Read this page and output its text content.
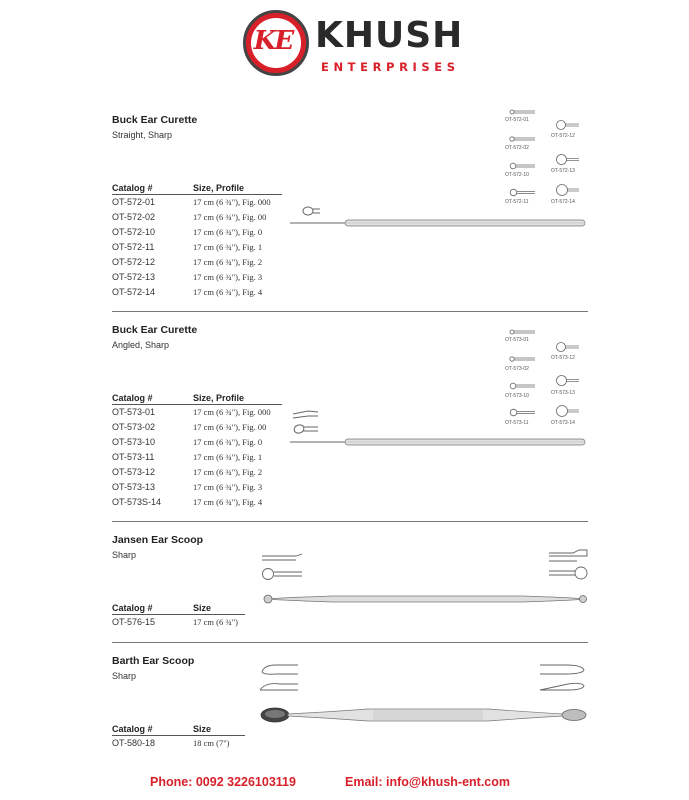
KE KHUSH
ENTERPRISES
Buck Ear Curette
Straight, Sharp
Catalog #	Size, Profile
OT-572-01	17 cm (6 ¾"), Fig. 000
OT-572-02	17 cm (6 ¾"), Fig. 00
OT-572-10	17 cm (6 ¾"), Fig. 0
OT-572-11	17 cm (6 ¾"), Fig. 1
OT-572-12	17 cm (6 ¾"), Fig. 2
OT-572-13	17 cm (6 ¾"), Fig. 3
OT-572-14	17 cm (6 ¾"), Fig. 4
OT-572-01
OT-572-02
OT-572-10
OT-572-11
OT-572-12
OT-572-13
OT-572-14
Buck Ear Curette
Angled, Sharp
Catalog #	Size, Profile
OT-573-01	17 cm (6 ¾"), Fig. 000
OT-573-02	17 cm (6 ¾"), Fig. 00
OT-573-10	17 cm (6 ¾"), Fig. 0
OT-573-11	17 cm (6 ¾"), Fig. 1
OT-573-12	17 cm (6 ¾"), Fig. 2
OT-573-13	17 cm (6 ¾"), Fig. 3
OT-573S-14	17 cm (6 ¾"), Fig. 4
OT-573-01
OT-573-02
OT-573-10
OT-573-11
OT-573-12
OT-573-13
OT-573-14
Jansen Ear Scoop
Sharp
Catalog #	Size
OT-576-15	17 cm (6 ¾")
Barth Ear Scoop
Sharp
Catalog #	Size
OT-580-18	18 cm (7")
Phone: 0092 3226103119	Email: info@khush-ent.com
